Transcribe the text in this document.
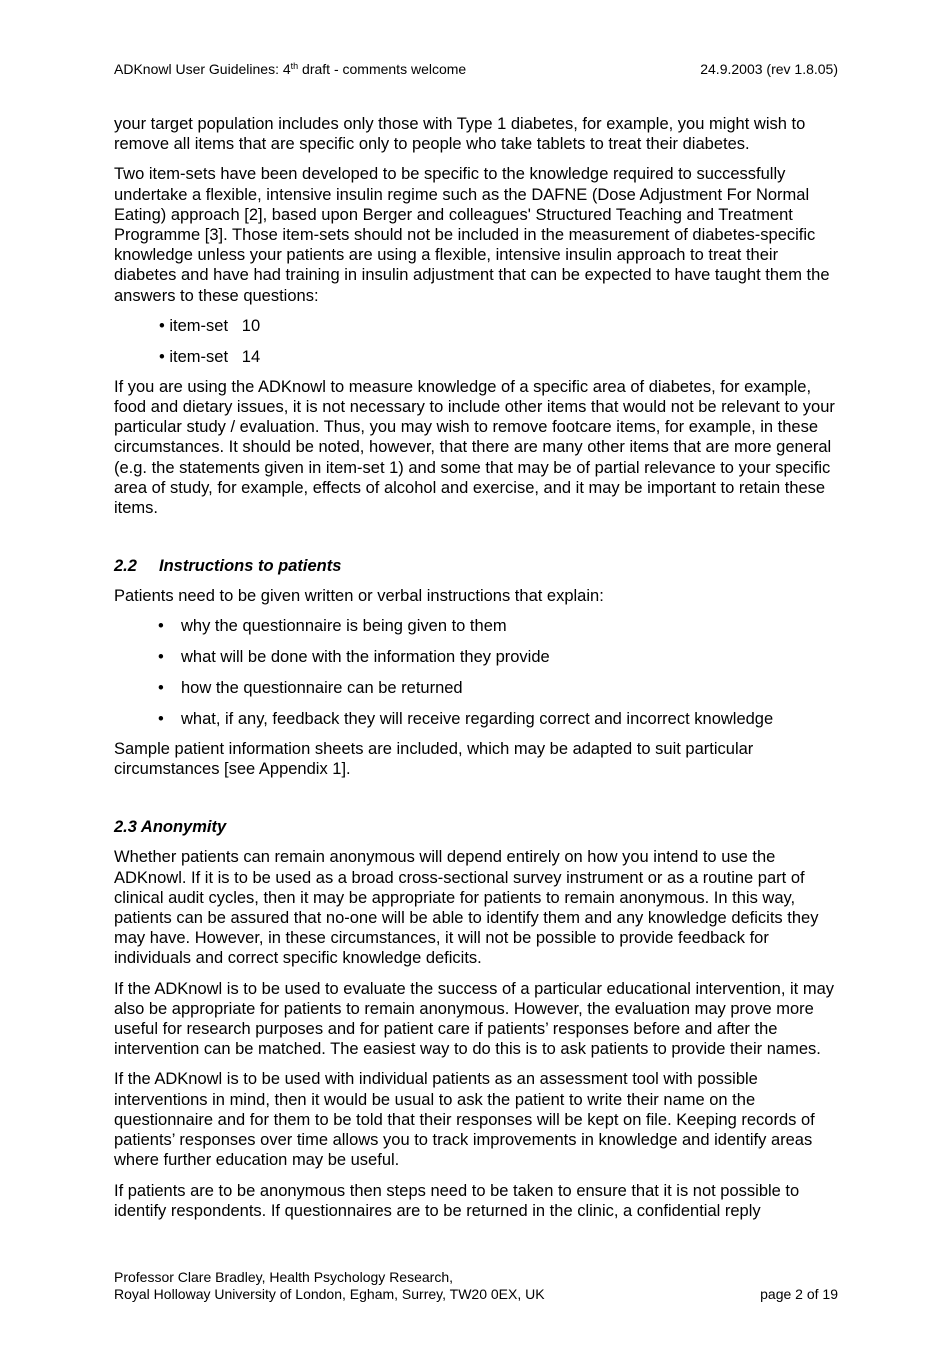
ADKnowl User Guidelines: 4th draft - comments welcome	24.9.2003 (rev 1.8.05)

your target population includes only those with Type 1 diabetes, for example, you might wish to remove all items that are specific only to people who take tablets to treat their diabetes.

Two item-sets have been developed to be specific to the knowledge required to successfully undertake a flexible, intensive insulin regime such as the DAFNE (Dose Adjustment For Normal Eating) approach [2], based upon Berger and colleagues' Structured Teaching and Treatment Programme [3]. Those item-sets should not be included in the measurement of diabetes-specific knowledge unless your patients are using a flexible, intensive insulin approach to treat their diabetes and have had training in insulin adjustment that can be expected to have taught them the answers to these questions:

• item-set   10
• item-set   14

If you are using the ADKnowl to measure knowledge of a specific area of diabetes, for example, food and dietary issues, it is not necessary to include other items that would not be relevant to your particular study / evaluation. Thus, you may wish to remove footcare items, for example, in these circumstances. It should be noted, however, that there are many other items that are more general (e.g. the statements given in item-set 1) and some that may be of partial relevance to your specific area of study, for example, effects of alcohol and exercise, and it may be important to retain these items.

2.2 Instructions to patients

Patients need to be given written or verbal instructions that explain:

• why the questionnaire is being given to them
• what will be done with the information they provide
• how the questionnaire can be returned
• what, if any, feedback they will receive regarding correct and incorrect knowledge

Sample patient information sheets are included, which may be adapted to suit particular circumstances [see Appendix 1].

2.3 Anonymity

Whether patients can remain anonymous will depend entirely on how you intend to use the ADKnowl. If it is to be used as a broad cross-sectional survey instrument or as a routine part of clinical audit cycles, then it may be appropriate for patients to remain anonymous. In this way, patients can be assured that no-one will be able to identify them and any knowledge deficits they may have. However, in these circumstances, it will not be possible to provide feedback for individuals and correct specific knowledge deficits.

If the ADKnowl is to be used to evaluate the success of a particular educational intervention, it may also be appropriate for patients to remain anonymous. However, the evaluation may prove more useful for research purposes and for patient care if patients’ responses before and after the intervention can be matched. The easiest way to do this is to ask patients to provide their names.

If the ADKnowl is to be used with individual patients as an assessment tool with possible interventions in mind, then it would be usual to ask the patient to write their name on the questionnaire and for them to be told that their responses will be kept on file. Keeping records of patients’ responses over time allows you to track improvements in knowledge and identify areas where further education may be useful.

If patients are to be anonymous then steps need to be taken to ensure that it is not possible to identify respondents. If questionnaires are to be returned in the clinic, a confidential reply

Professor Clare Bradley, Health Psychology Research,
Royal Holloway University of London, Egham, Surrey, TW20 0EX, UK	page 2 of 19
